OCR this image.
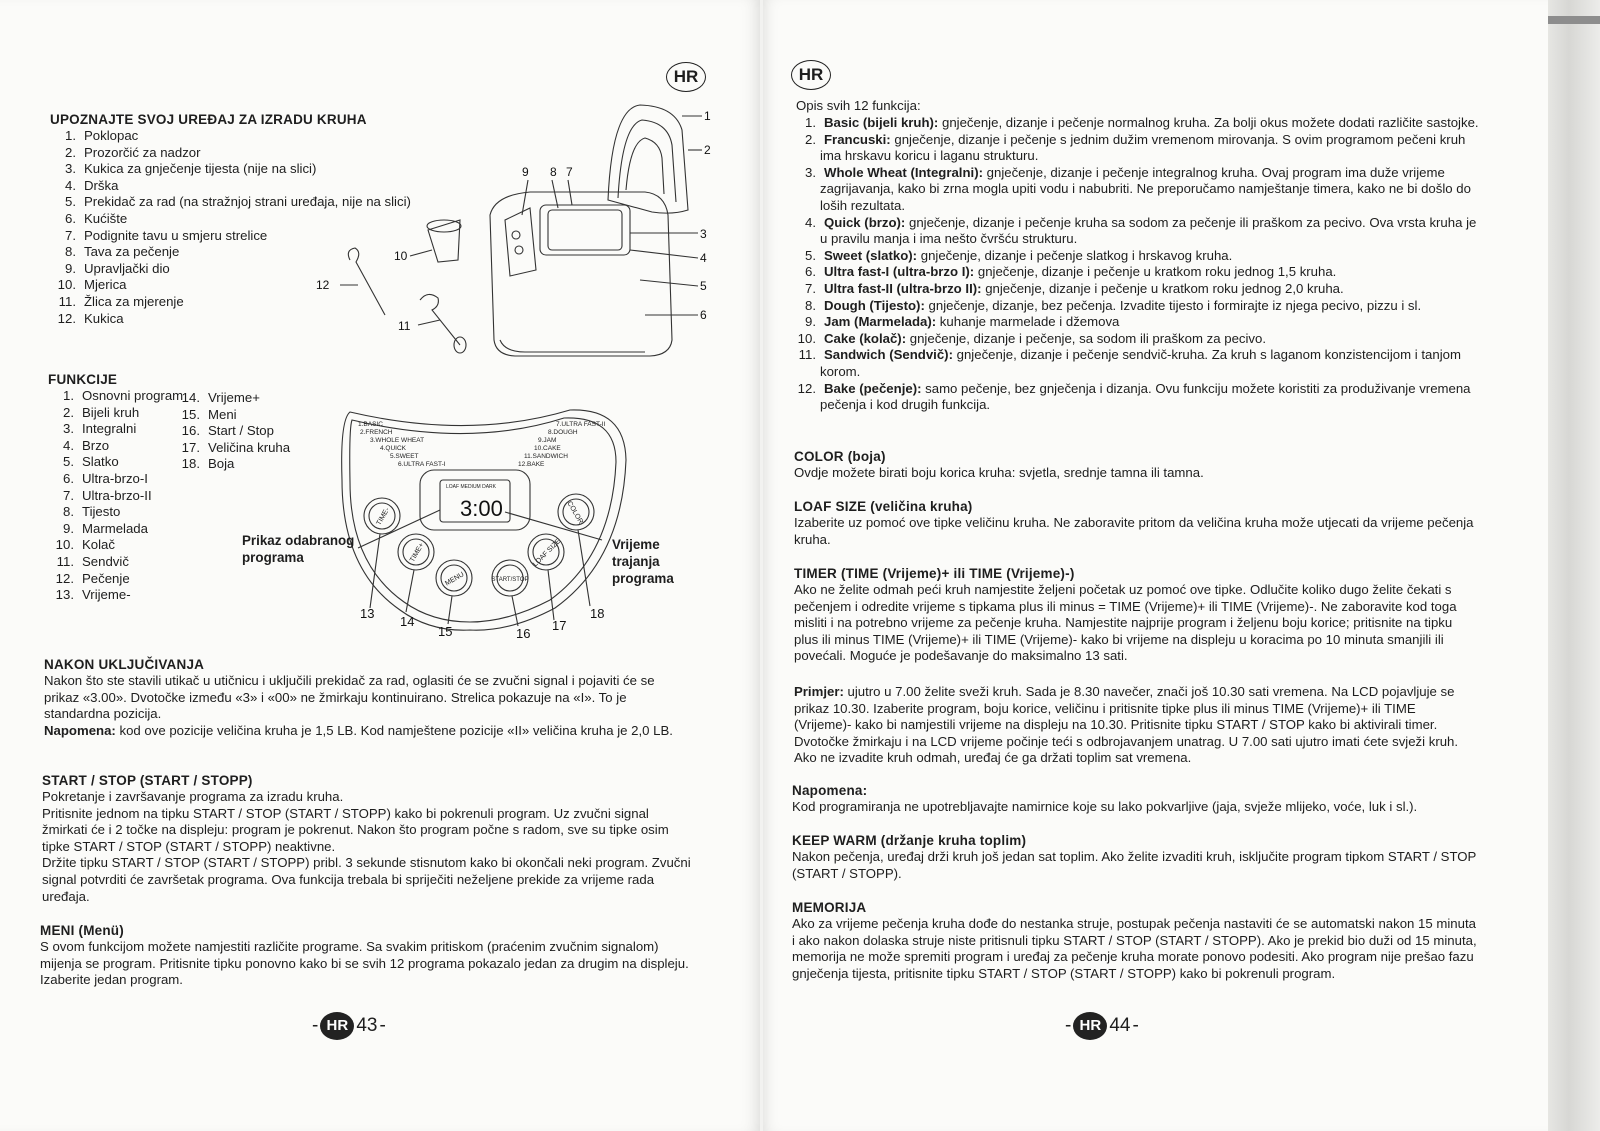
HR
UPOZNAJTE SVOJ UREĐAJ ZA IZRADU KRUHA
1. Poklopac
2. Prozorčić za nadzor
3. Kukica za gnječenje tijesta (nije na slici)
4. Drška
5. Prekidač za rad (na stražnjoj strani uređaja, nije na slici)
6. Kućište
7. Podignite tavu u smjeru strelice
8. Tava za pečenje
9. Upravljački dio
10. Mjerica
11. Žlica za mjerenje
12. Kukica
1
2
3
4
5
6
7
8
9
10
11
12
FUNKCIJE
1. Osnovni program
2. Bijeli kruh
3. Integralni
4. Brzo
5. Slatko
6. Ultra-brzo-I
7. Ultra-brzo-II
8. Tijesto
9. Marmelada
10. Kolač
11. Sendvič
12. Pečenje
13. Vrijeme-
14. Vrijeme+
15. Meni
16. Start / Stop
17. Veličina kruha
18. Boja
1.BASIC
2.FRENCH
3.WHOLE WHEAT
4.QUICK
5.SWEET
6.ULTRA FAST-I
7.ULTRA FAST-II
8.DOUGH
9.JAM
10.CAKE
11.SANDWICH
12.BAKE
LOAF MEDIUM DARK
3:00
TIME-	COLOR
TIME+	LOAF SIZE
MENU	START/STOP
13
14
15	16
17
18
Prikaz odabranog programa
Vrijeme trajanja programa
NAKON UKLJUČIVANJA
Nakon što ste stavili utikač u utičnicu i uključili prekidač za rad, oglasiti će se zvučni signal i pojaviti će se prikaz «3.00». Dvotočke između «3» i «00» ne žmirkaju kontinuirano. Strelica pokazuje na «I». To je standardna pozicija.
Napomena: kod ove pozicije veličina kruha je 1,5 LB. Kod namještene pozicije «II» veličina kruha je 2,0 LB.
START / STOP (START / STOPP)
Pokretanje i završavanje programa za izradu kruha.
Pritisnite jednom na tipku START / STOP (START / STOPP) kako bi pokrenuli program. Uz zvučni signal žmirkati će i 2 točke na displeju: program je pokrenut. Nakon što program počne s radom, sve su tipke osim tipke START / STOP (START / STOPP) neaktivne.
Držite tipku START / STOP (START / STOPP) pribl. 3 sekunde stisnutom kako bi okončali neki program. Zvučni signal potvrditi će završetak programa. Ova funkcija trebala bi spriječiti neželjene prekide za vrijeme rada uređaja.
MENI (Menü)
S ovom funkcijom možete namjestiti različite programe. Sa svakim pritiskom (praćenim zvučnim signalom) mijenja se program. Pritisnite tipku ponovno kako bi se svih 12 programa pokazalo jedan za drugim na displeju. Izaberite jedan program.
- HR 43 -
HR
Opis svih 12 funkcija:
1. Basic (bijeli kruh): gnječenje, dizanje i pečenje normalnog kruha. Za bolji okus možete dodati različite sastojke.
2. Francuski: gnječenje, dizanje i pečenje s jednim dužim vremenom mirovanja. S ovim programom pečeni kruh ima hrskavu koricu i laganu strukturu.
3. Whole Wheat (Integralni): gnječenje, dizanje i pečenje integralnog kruha. Ovaj program ima duže vrijeme zagrijavanja, kako bi zrna mogla upiti vodu i nabubriti. Ne preporučamo namještanje timera, kako ne bi došlo do loših rezultata.
4. Quick (brzo): gnječenje, dizanje i pečenje kruha sa sodom za pečenje ili praškom za pecivo. Ova vrsta kruha je u pravilu manja i ima nešto čvršću strukturu.
5. Sweet (slatko): gnječenje, dizanje i pečenje slatkog i hrskavog kruha.
6. Ultra fast-I (ultra-brzo I): gnječenje, dizanje i pečenje u kratkom roku jednog 1,5 kruha.
7. Ultra fast-II (ultra-brzo II): gnječenje, dizanje i pečenje u kratkom roku jednog 2,0 kruha.
8. Dough (Tijesto): gnječenje, dizanje, bez pečenja. Izvadite tijesto i formirajte iz njega pecivo, pizzu i sl.
9. Jam (Marmelada): kuhanje marmelade i džemova
10. Cake (kolač): gnječenje, dizanje i pečenje, sa sodom ili praškom za pecivo.
11. Sandwich (Sendvič): gnječenje, dizanje i pečenje sendvič-kruha. Za kruh s laganom konzistencijom i tanjom korom.
12. Bake (pečenje): samo pečenje, bez gnječenja i dizanja. Ovu funkciju možete koristiti za produživanje vremena pečenja i kod drugih funkcija.
COLOR (boja)
Ovdje možete birati boju korica kruha: svjetla, srednje tamna ili tamna.
LOAF SIZE (veličina kruha)
Izaberite uz pomoć ove tipke veličinu kruha. Ne zaboravite pritom da veličina kruha može utjecati da vrijeme pečenja kruha.
TIMER (TIME (Vrijeme)+ ili TIME (Vrijeme)-)
Ako ne želite odmah peći kruh namjestite željeni početak uz pomoć ove tipke. Odlučite koliko dugo želite čekati s pečenjem i odredite vrijeme s tipkama plus ili minus = TIME (Vrijeme)+ ili TIME (Vrijeme)-. Ne zaboravite kod toga misliti i na potrebno vrijeme za pečenje kruha. Namjestite najprije program i željenu boju korice; pritisnite na tipku plus ili minus TIME (Vrijeme)+ ili TIME (Vrijeme)- kako bi vrijeme na displeju u koracima po 10 minuta smanjili ili povećali. Moguće je podešavanje do maksimalno 13 sati.
Primjer: ujutro u 7.00 želite sveži kruh. Sada je 8.30 navečer, znači još 10.30 sati vremena. Na LCD pojavljuje se prikaz 10.30. Izaberite program, boju korice, veličinu i pritisnite tipke plus ili minus TIME (Vrijeme)+ ili TIME (Vrijeme)- kako bi namjestili vrijeme na displeju na 10.30. Pritisnite tipku START / STOP kako bi aktivirali timer. Dvotočke žmirkaju i na LCD vrijeme počinje teći s odbrojavanjem unatrag. U 7.00 sati ujutro imati ćete svježi kruh. Ako ne izvadite kruh odmah, uređaj će ga držati toplim sat vremena.
Napomena:
Kod programiranja ne upotrebljavajte namirnice koje su lako pokvarljive (jaja, svježe mlijeko, voće, luk i sl.).
KEEP WARM (držanje kruha toplim)
Nakon pečenja, uređaj drži kruh još jedan sat toplim. Ako želite izvaditi kruh, isključite program tipkom START / STOP (START / STOPP).
MEMORIJA
Ako za vrijeme pečenja kruha dođe do nestanka struje, postupak pečenja nastaviti će se automatski nakon 15 minuta i ako nakon dolaska struje niste pritisnuli tipku START / STOP (START / STOPP). Ako je prekid bio duži od 15 minuta, memorija ne može spremiti program i uređaj za pečenje kruha morate ponovo podesiti. Ako program nije prešao fazu gnječenja tijesta, pritisnite tipku START / STOP (START / STOPP) kako bi pokrenuli program.
- HR 44 -
